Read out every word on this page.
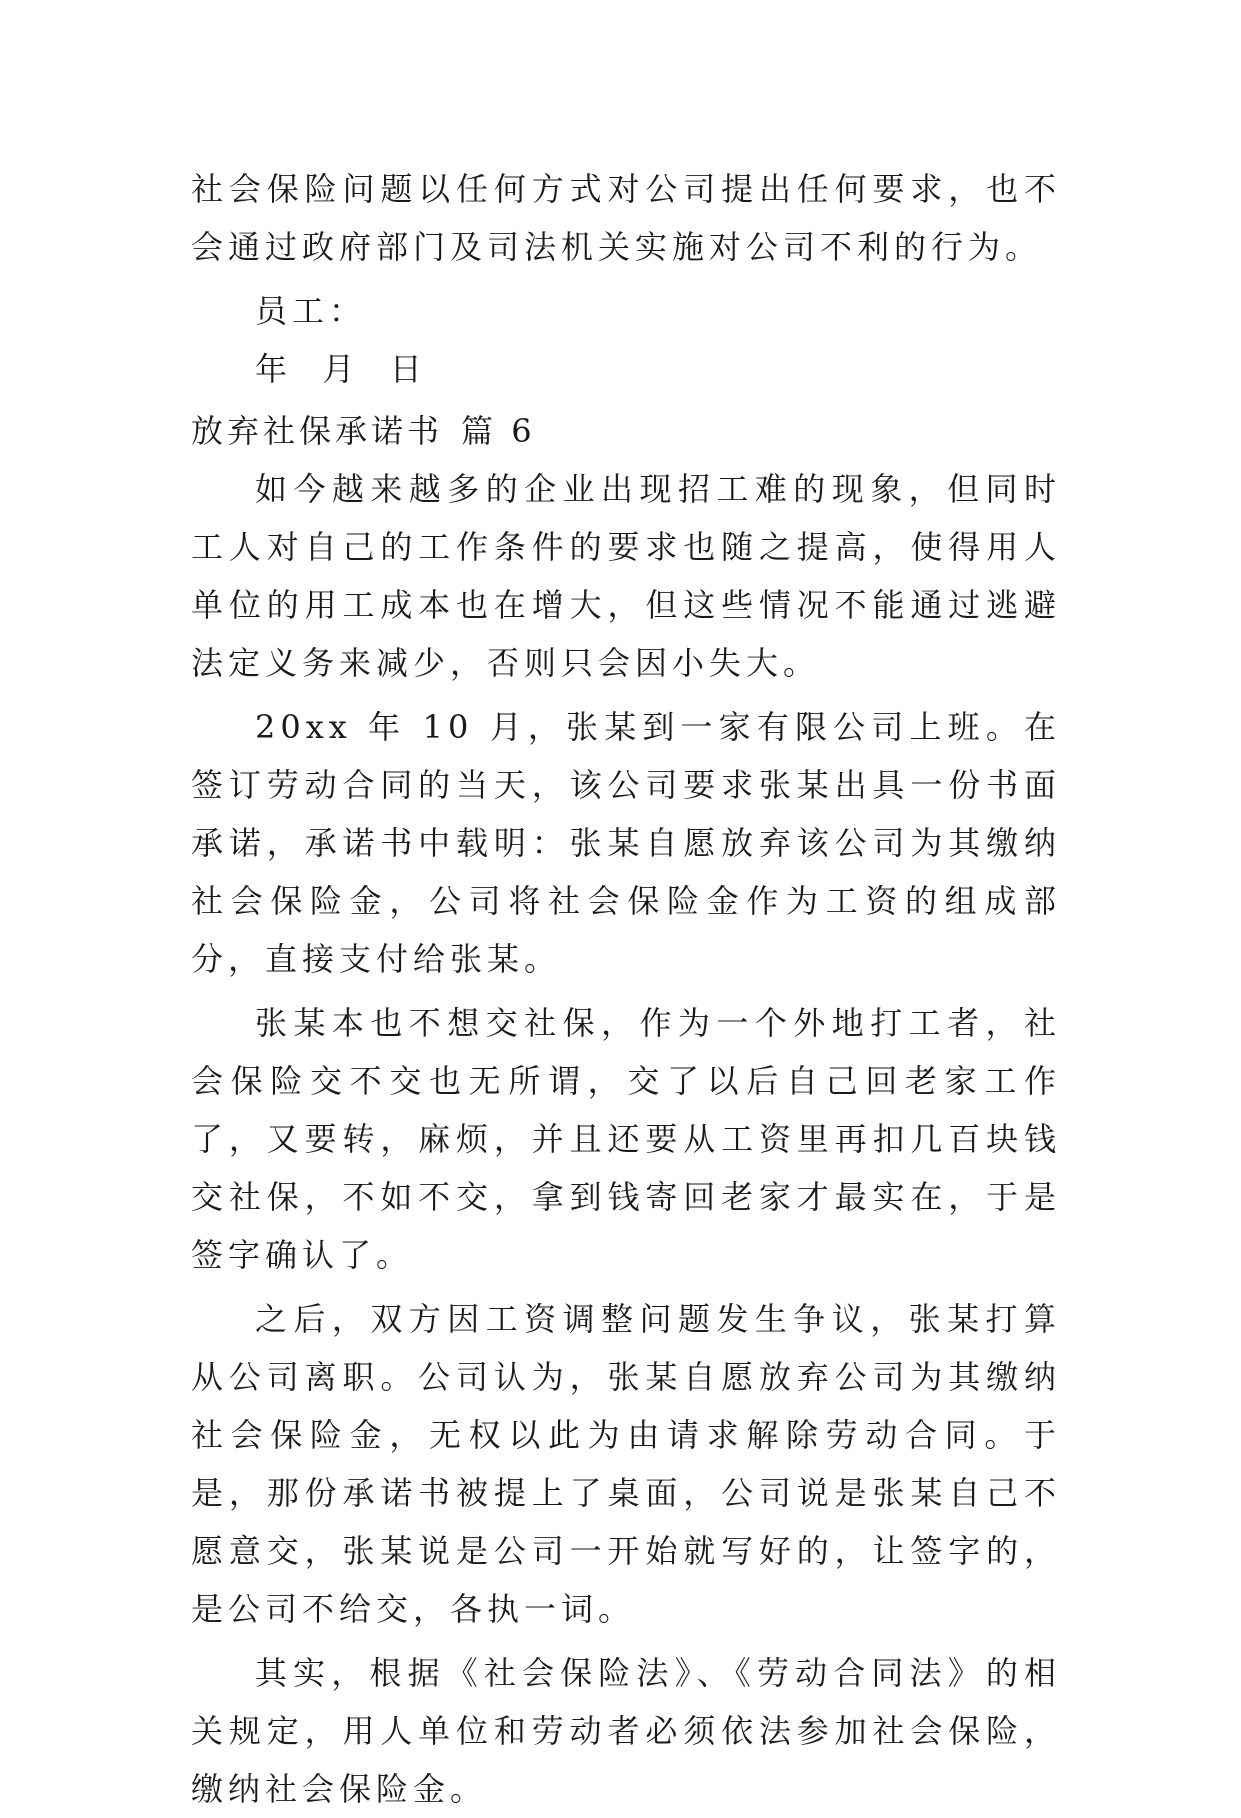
社会保险问题以任何方式对公司提出任何要求，也不会通过政府部门及司法机关实施对公司不利的行为。

员工：

年  月  日

放弃社保承诺书 篇 6

如今越来越多的企业出现招工难的现象，但同时工人对自己的工作条件的要求也随之提高，使得用人单位的用工成本也在增大，但这些情况不能通过逃避法定义务来减少，否则只会因小失大。

20xx 年 10 月，张某到一家有限公司上班。在签订劳动合同的当天，该公司要求张某出具一份书面承诺，承诺书中载明：张某自愿放弃该公司为其缴纳社会保险金，公司将社会保险金作为工资的组成部分，直接支付给张某。

张某本也不想交社保，作为一个外地打工者，社会保险交不交也无所谓，交了以后自己回老家工作了，又要转，麻烦，并且还要从工资里再扣几百块钱交社保，不如不交，拿到钱寄回老家才最实在，于是签字确认了。

之后，双方因工资调整问题发生争议，张某打算从公司离职。公司认为，张某自愿放弃公司为其缴纳社会保险金，无权以此为由请求解除劳动合同。于是，那份承诺书被提上了桌面，公司说是张某自己不愿意交，张某说是公司一开始就写好的，让签字的，是公司不给交，各执一词。

其实，根据《社会保险法》、《劳动合同法》的相关规定，用人单位和劳动者必须依法参加社会保险，缴纳社会保险金。
